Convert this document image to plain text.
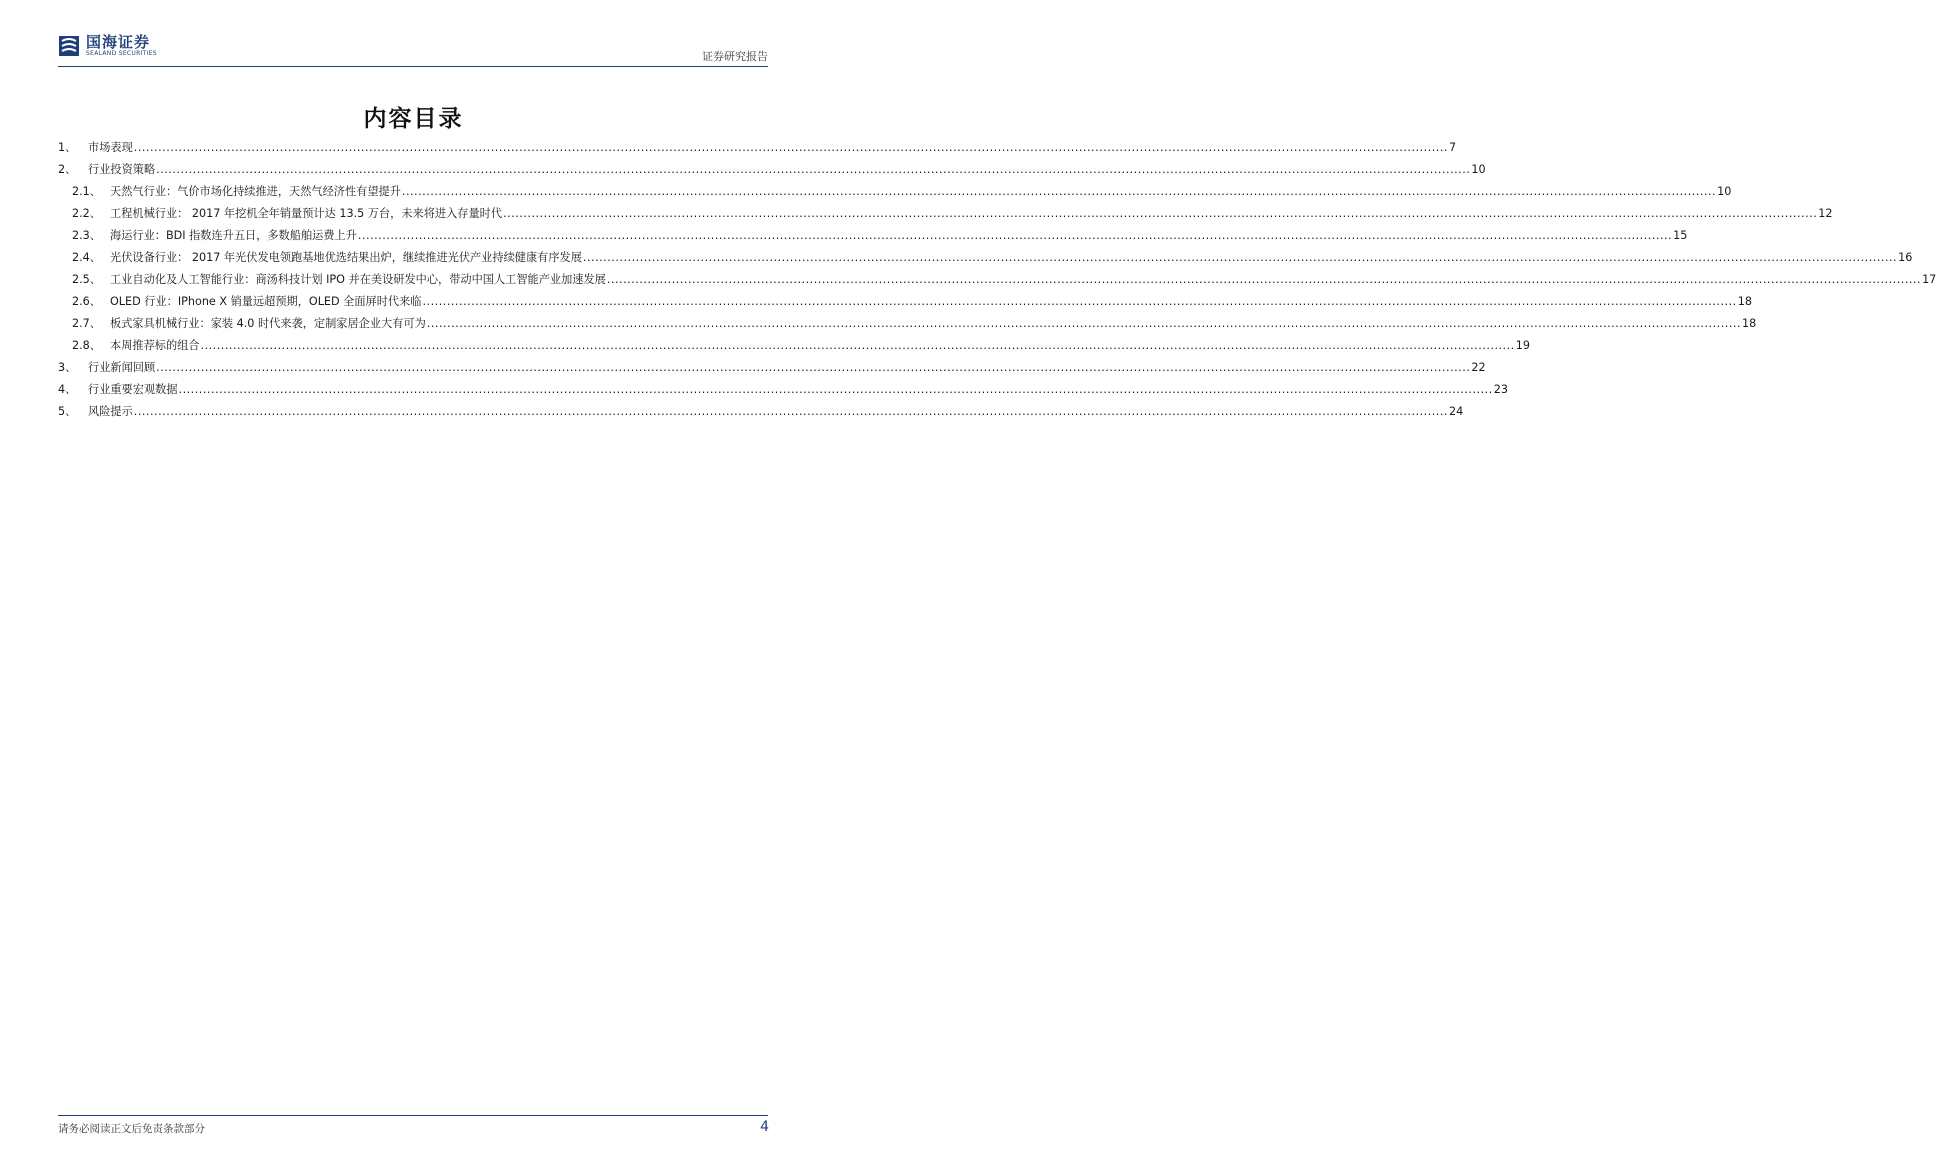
国海证券
SEALAND SECURITIES	证券研究报告
内容目录
1、	市场表现 .....	7
2、	行业投资策略 .....	10
2.1、 天然气行业：气价市场化持续推进，天然气经济性有望提升 .....	10
2.2、 工程机械行业： 2017 年挖机全年销量预计达 13.5 万台，未来将进入存量时代 .....	12
2.3、 海运行业：BDI 指数连升五日，多数船舶运费上升 .....	15
2.4、 光伏设备行业： 2017 年光伏发电领跑基地优选结果出炉，继续推进光伏产业持续健康有序发展 .....	16
2.5、 工业自动化及人工智能行业：商汤科技计划 IPO 并在美设研发中心，带动中国人工智能产业加速发展 .....	17
2.6、 OLED 行业：IPhone X 销量远超预期，OLED 全面屏时代来临 .....	18
2.7、 板式家具机械行业：家装 4.0 时代来袭，定制家居企业大有可为 .....	18
2.8、 本周推荐标的组合 .....	19
3、	行业新闻回顾 .....	22
4、	行业重要宏观数据 .....	23
5、	风险提示 .....	24
请务必阅读正文后免责条款部分	4
